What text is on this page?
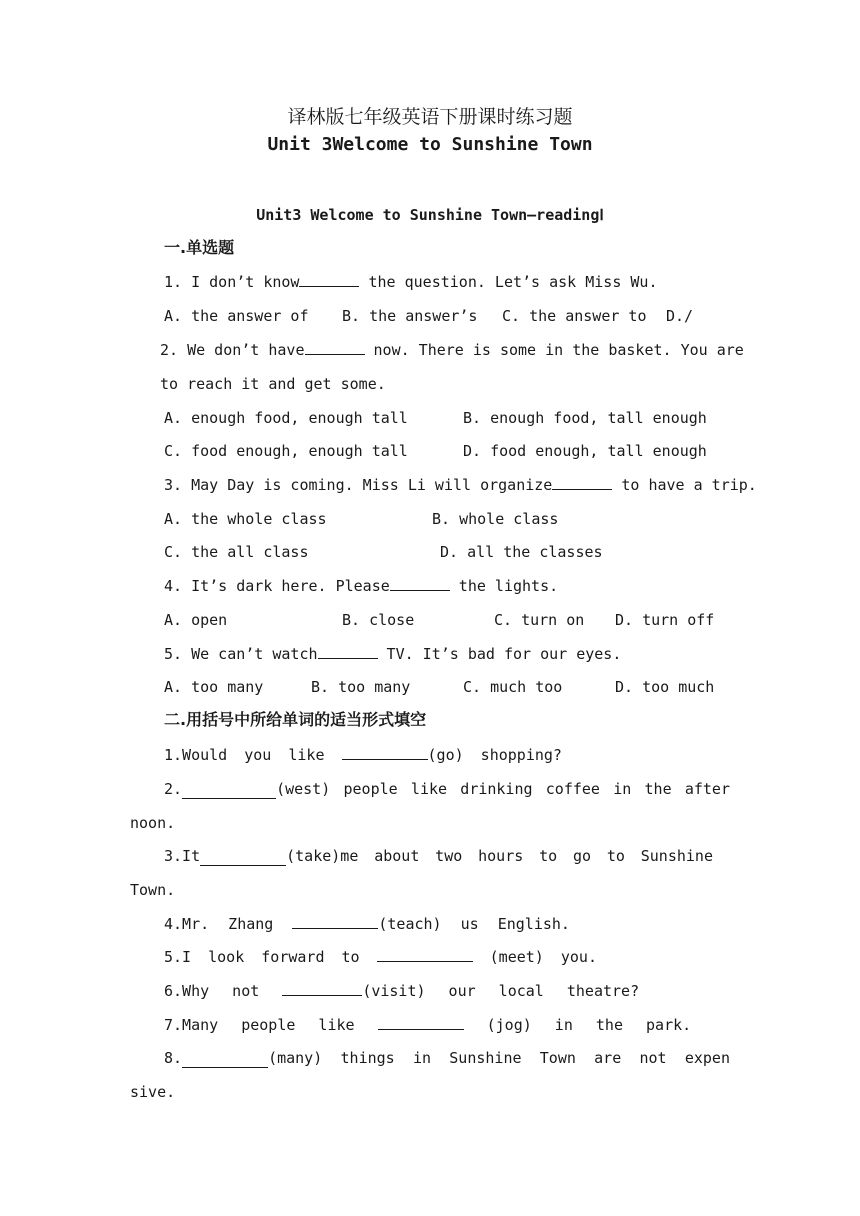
译林版七年级英语下册课时练习题
Unit 3Welcome to Sunshine Town
Unit3 Welcome to Sunshine Town—readingⅠ
一.单选题
1. I don’t know	the question. Let’s ask Miss Wu.
A. the answer of B. the answer’s C. the answer to D./
2. We don’t have	now. There is some in the basket. You are
to reach it and get some.
A. enough food, enough tall	B. enough food, tall enough
C. food enough, enough tall	D. food enough, tall enough
3. May Day is coming. Miss Li will organize	to have a trip.
A. the whole class	B. whole class
C. the all class	D. all the classes
4. It’s dark here. Please	the lights.
A. open	B. close	C. turn on D. turn off
5. We can’t watch	TV. It’s bad for our eyes.
A. too many	B. too many	C. much too	D. too much
二.用括号中所给单词的适当形式填空
1.Would you like	(go) shopping?
2.	(west) people like drinking coffee in the after
noon.
3.It	(take)me about two hours to go to Sunshine
Town.
4.Mr. Zhang	(teach) us English.
5.I look forward to	(meet) you.
6.Why not	(visit) our local theatre?
7.Many people like	(jog) in the park.
8.	(many) things in Sunshine Town are not expen
sive.
